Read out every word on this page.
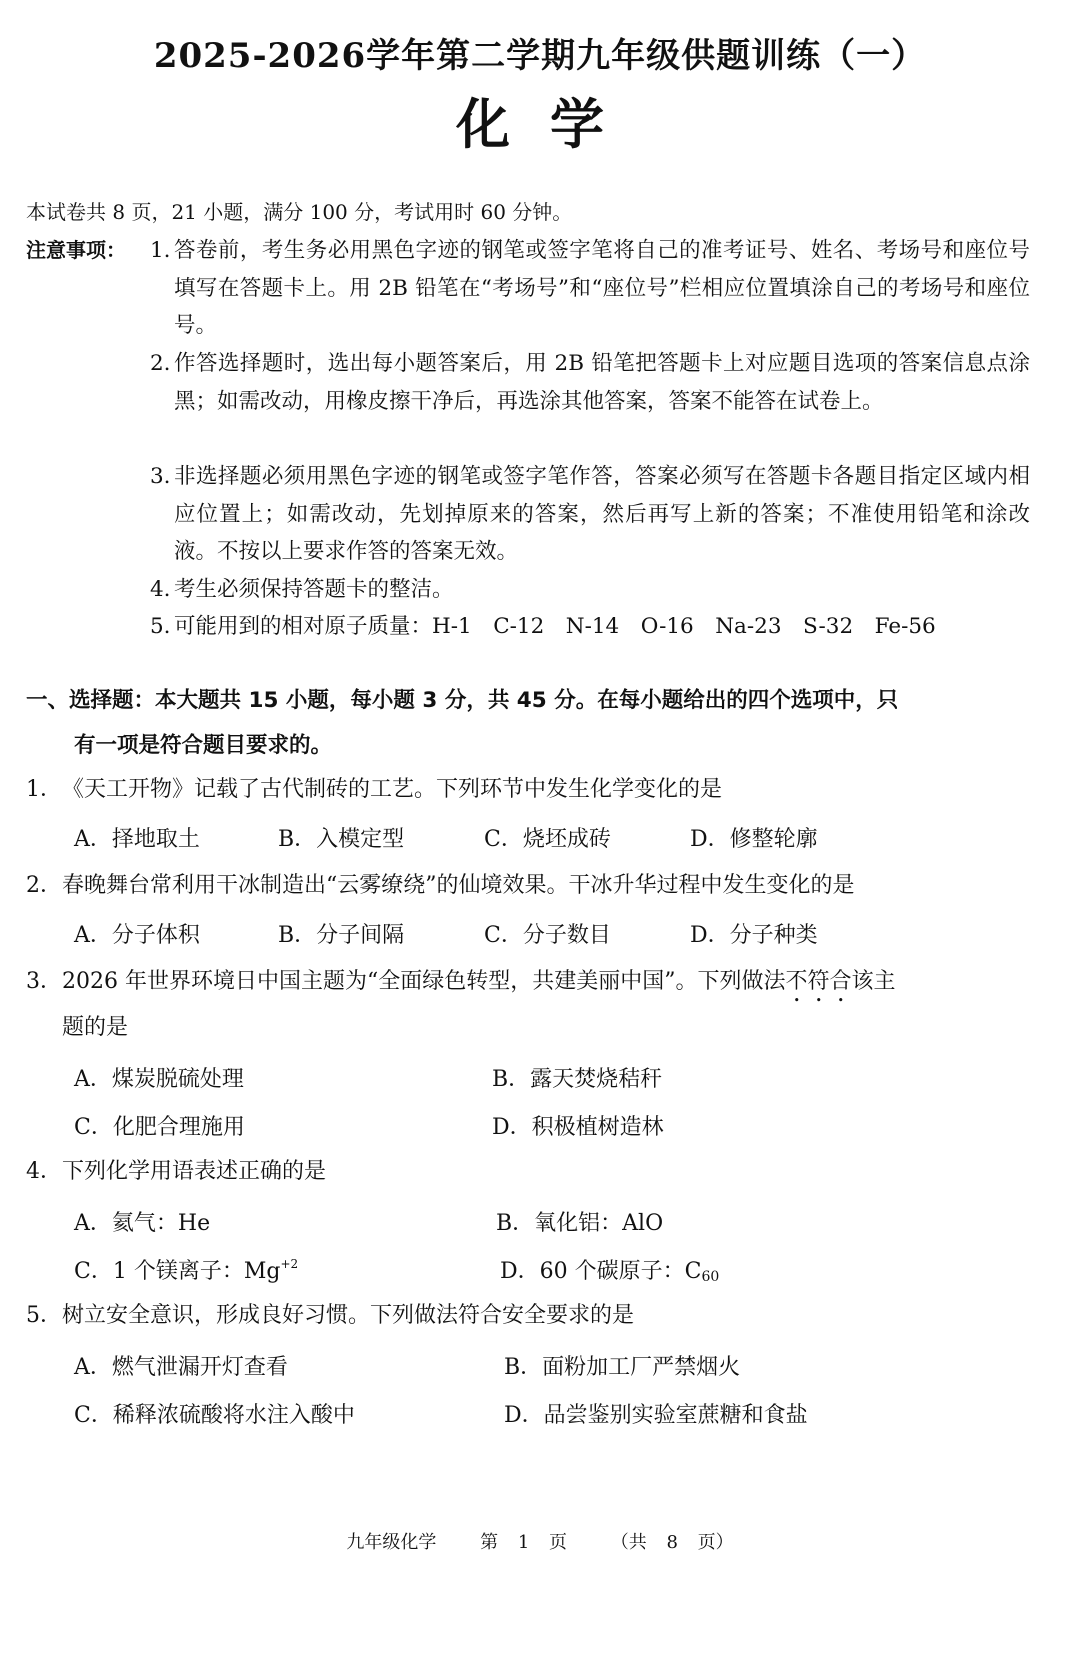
2025-2026学年第二学期九年级供题训练（一）
化学
本试卷共 8 页，21 小题，满分 100 分，考试用时 60 分钟。
注意事项： 1. 答卷前，考生务必用黑色字迹的钢笔或签字笔将自己的准考证号、姓名、考场号和座位号填写在答题卡上。用 2B 铅笔在“考场号”和“座位号”栏相应位置填涂自己的考场号和座位号。
2. 作答选择题时，选出每小题答案后，用 2B 铅笔把答题卡上对应题目选项的答案信息点涂黑；如需改动，用橡皮擦干净后，再选涂其他答案，答案不能答在试卷上。
3. 非选择题必须用黑色字迹的钢笔或签字笔作答，答案必须写在答题卡各题目指定区域内相应位置上；如需改动，先划掉原来的答案，然后再写上新的答案；不准使用铅笔和涂改液。不按以上要求作答的答案无效。
4. 考生必须保持答题卡的整洁。
5. 可能用到的相对原子质量：H-1　C-12　N-14　O-16　Na-23　S-32　Fe-56
一、选择题：本大题共 15 小题，每小题 3 分，共 45 分。在每小题给出的四个选项中，只
有一项是符合题目要求的。
1．《天工开物》记载了古代制砖的工艺。下列环节中发生化学变化的是
A．择地取土	B．入模定型	C．烧坯成砖	D．修整轮廓
2．春晚舞台常利用干冰制造出“云雾缭绕”的仙境效果。干冰升华过程中发生变化的是
A．分子体积	B．分子间隔	C．分子数目	D．分子种类
3．2026 年世界环境日中国主题为“全面绿色转型，共建美丽中国”。下列做法不符合该主
题的是
A．煤炭脱硫处理	B．露天焚烧秸秆
C．化肥合理施用	D．积极植树造林
4．下列化学用语表述正确的是
A．氦气：He	B．氧化铝：AlO
C．1 个镁离子：$Mg^{+2}$	D．60 个碳原子：$C_{60}$
5．树立安全意识，形成良好习惯。下列做法符合安全要求的是
A．燃气泄漏开灯查看	B．面粉加工厂严禁烟火
C．稀释浓硫酸将水注入酸中	D．品尝鉴别实验室蔗糖和食盐
九年级化学 第 1 页 （共 8 页）
